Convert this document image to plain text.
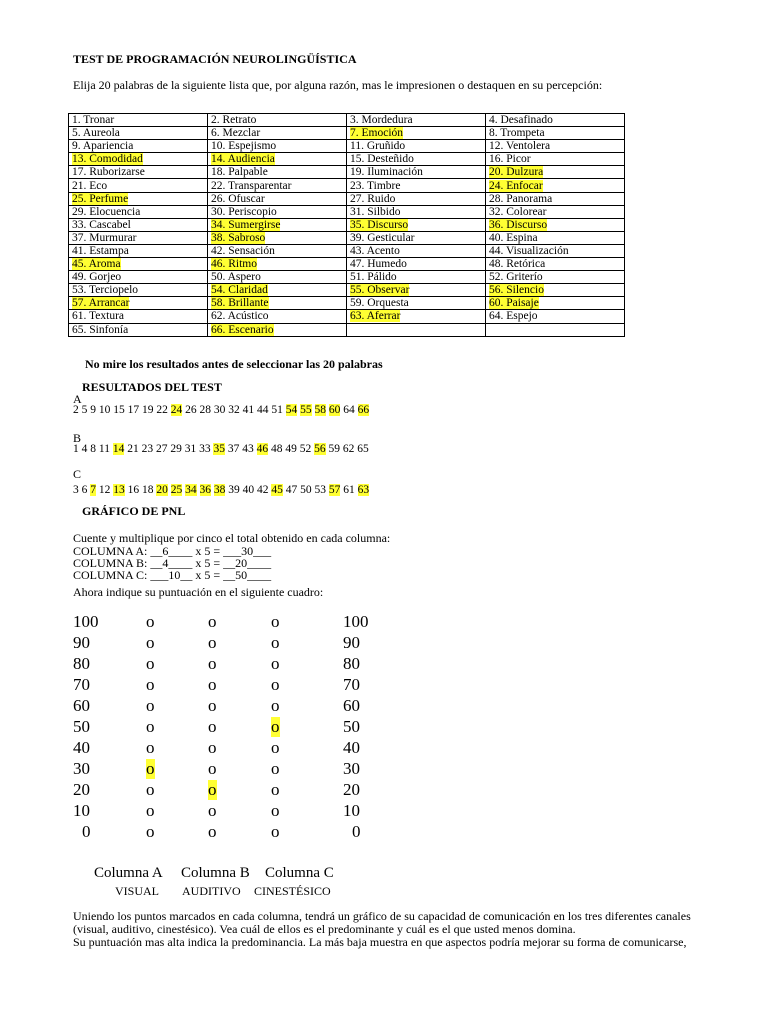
TEST DE PROGRAMACIÓN NEUROLINGÜÍSTICA
Elija 20 palabras de la siguiente lista que, por alguna razón, mas le impresionen o destaquen en su percepción:
1. Tronar	2. Retrato	3. Mordedura	4. Desafinado
5. Aureola	6. Mezclar	7. Emoción	8. Trompeta
9. Apariencia	10. Espejismo	11. Gruñido	12. Ventolera
13. Comodidad	14. Audiencia	15. Desteñido	16. Picor
17. Ruborizarse	18. Palpable	19. Iluminación	20. Dulzura
21. Eco	22. Transparentar	23. Timbre	24. Enfocar
25. Perfume	26. Ofuscar	27. Ruido	28. Panorama
29. Elocuencia	30. Periscopio	31. Silbido	32. Colorear
33. Cascabel	34. Sumergirse	35. Discurso	36. Discurso
37. Murmurar	38. Sabroso	39. Gesticular	40. Espina
41. Estampa	42. Sensación	43. Acento	44. Visualización
45. Aroma	46. Ritmo	47. Humedo	48. Retórica
49. Gorjeo	50. Aspero	51. Pálido	52. Griterío
53. Terciopelo	54. Claridad	55. Observar	56. Silencio
57. Arrancar	58. Brillante	59. Orquesta	60. Paisaje
61. Textura	62. Acústico	63. Aferrar	64. Espejo
65. Sinfonía	66. Escenario		
No mire los resultados antes de seleccionar las 20 palabras
RESULTADOS DEL TEST
A
2 5 9 10 15 17 19 22 24 26 28 30 32 41 44 51 54 55 58 60 64 66
B
1 4 8 11 14 21 23 27 29 31 33 35 37 43 46 48 49 52 56 59 62 65
C
3 6 7 12 13 16 18 20 25 34 36 38 39 40 42 45 47 50 53 57 61 63
GRÁFICO DE PNL
Cuente y multiplique por cinco el total obtenido en cada columna:
COLUMNA A: __6____ x 5 = ___30___
COLUMNA B: __4____ x 5 = __20____
COLUMNA C: ___10__ x 5 = __50____
Ahora indique su puntuación en el siguiente cuadro:
100	o	o	o	100
90	o	o	o	90
80	o	o	o	80
70	o	o	o	70
60	o	o	o	60
50	o	o	o	50
40	o	o	o	40
30	o	o	o	30
20	o	o	o	20
10	o	o	o	10
0	o	o	o	0
Columna A Columna B Columna C
VISUAL AUDITIVO CINESTÉSICO
Uniendo los puntos marcados en cada columna, tendrá un gráfico de su capacidad de comunicación en los tres diferentes canales
(visual, auditivo, cinestésico). Vea cuál de ellos es el predominante y cuál es el que usted menos domina.
Su puntuación mas alta indica la predominancia. La más baja muestra en que aspectos podría mejorar su forma de comunicarse,
